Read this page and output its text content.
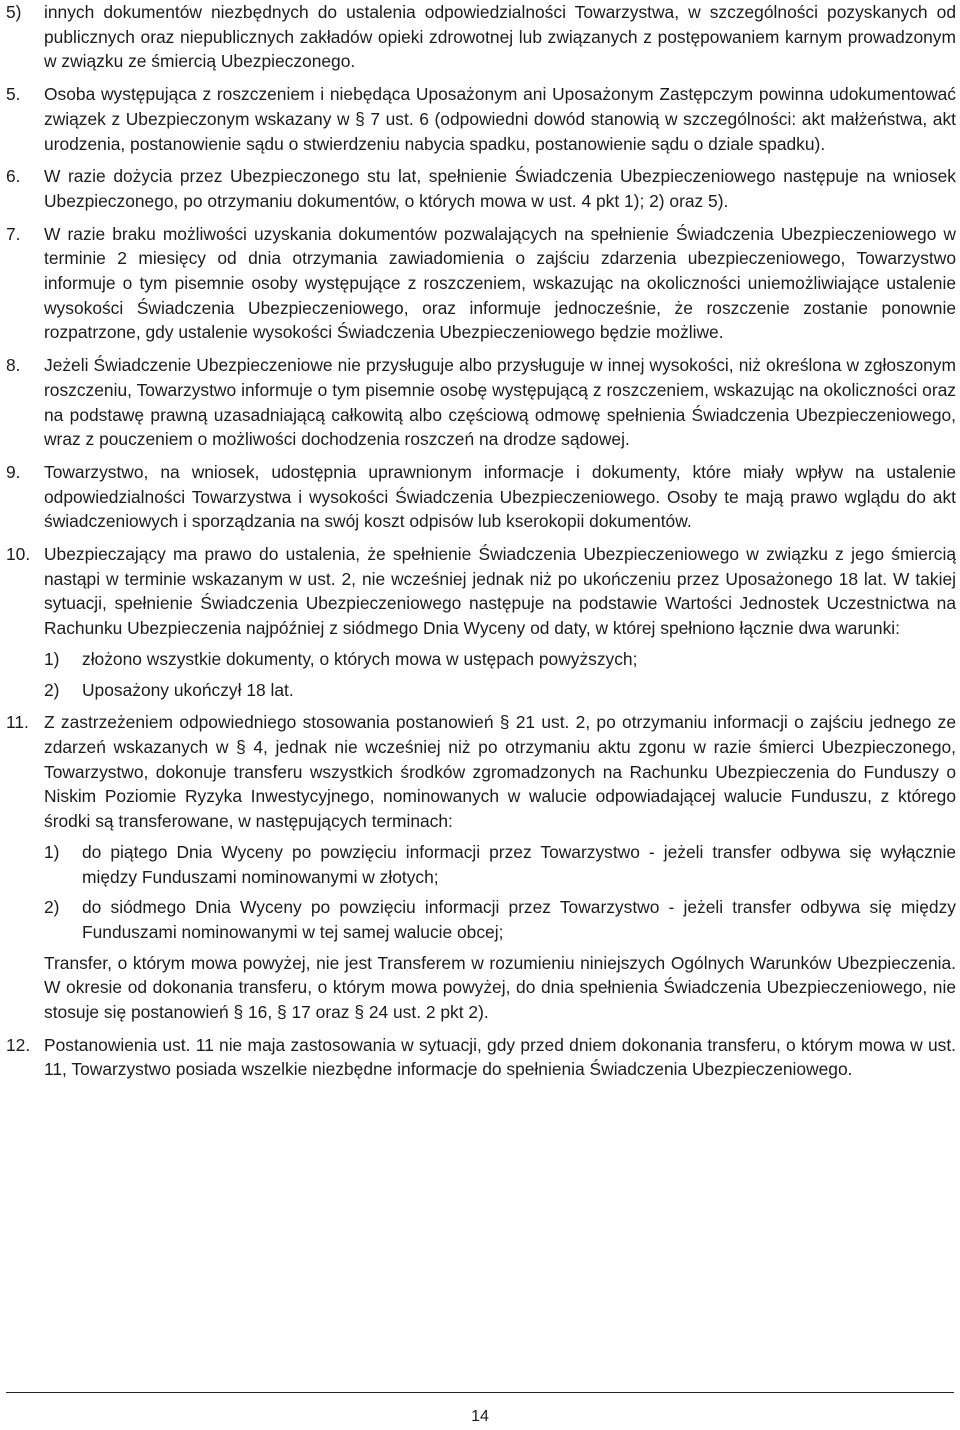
5)	innych dokumentów niezbędnych do ustalenia odpowiedzialności Towarzystwa, w szczególności pozyskanych od publicznych oraz niepublicznych zakładów opieki zdrowotnej lub związanych z postępowaniem karnym prowadzonym w związku ze śmiercią Ubezpieczonego.
5.	Osoba występująca z roszczeniem i niebędąca Uposażonym ani Uposażonym Zastępczym powinna udokumentować związek z Ubezpieczonym wskazany w § 7 ust. 6 (odpowiedni dowód stanowią w szczególności: akt małżeństwa, akt urodzenia, postanowienie sądu o stwierdzeniu nabycia spadku, postanowienie sądu o dziale spadku).
6.	W razie dożycia przez Ubezpieczonego stu lat, spełnienie Świadczenia Ubezpieczeniowego następuje na wniosek Ubezpieczonego, po otrzymaniu dokumentów, o których mowa w ust. 4 pkt 1); 2) oraz 5).
7.	W razie braku możliwości uzyskania dokumentów pozwalających na spełnienie Świadczenia Ubezpieczeniowego w terminie 2 miesięcy od dnia otrzymania zawiadomienia o zajściu zdarzenia ubezpieczeniowego, Towarzystwo informuje o tym pisemnie osoby występujące z roszczeniem, wskazując na okoliczności uniemożliwiające ustalenie wysokości Świadczenia Ubezpieczeniowego, oraz informuje jednocześnie, że roszczenie zostanie ponownie rozpatrzone, gdy ustalenie wysokości Świadczenia Ubezpieczeniowego będzie możliwe.
8.	Jeżeli Świadczenie Ubezpieczeniowe nie przysługuje albo przysługuje w innej wysokości, niż określona w zgłoszonym roszczeniu, Towarzystwo informuje o tym pisemnie osobę występującą z roszczeniem, wskazując na okoliczności oraz na podstawę prawną uzasadniającą całkowitą albo częściową odmowę spełnienia Świadczenia Ubezpieczeniowego, wraz z pouczeniem o możliwości dochodzenia roszczeń na drodze sądowej.
9.	Towarzystwo, na wniosek, udostępnia uprawnionym informacje i dokumenty, które miały wpływ na ustalenie odpowiedzialności Towarzystwa i wysokości Świadczenia Ubezpieczeniowego. Osoby te mają prawo wglądu do akt świadczeniowych i sporządzania na swój koszt odpisów lub kserokopii dokumentów.
10. Ubezpieczający ma prawo do ustalenia, że spełnienie Świadczenia Ubezpieczeniowego w związku z jego śmiercią nastąpi w terminie wskazanym w ust. 2, nie wcześniej jednak niż po ukończeniu przez Uposażonego 18 lat. W takiej sytuacji, spełnienie Świadczenia Ubezpieczeniowego następuje na podstawie Wartości Jednostek Uczestnictwa na Rachunku Ubezpieczenia najpóźniej z siódmego Dnia Wyceny od daty, w której spełniono łącznie dwa warunki:
1)	złożono wszystkie dokumenty, o których mowa w ustępach powyższych;
2)	Uposażony ukończył 18 lat.
11. Z zastrzeżeniem odpowiedniego stosowania postanowień § 21 ust. 2, po otrzymaniu informacji o zajściu jednego ze zdarzeń wskazanych w § 4, jednak nie wcześniej niż po otrzymaniu aktu zgonu w razie śmierci Ubezpieczonego, Towarzystwo, dokonuje transferu wszystkich środków zgromadzonych na Rachunku Ubezpieczenia do Funduszy o Niskim Poziomie Ryzyka Inwestycyjnego, nominowanych w walucie odpowiadającej walucie Funduszu, z którego środki są transferowane, w następujących terminach:
1)	do piątego Dnia Wyceny po powzięciu informacji przez Towarzystwo - jeżeli transfer odbywa się wyłącznie między Funduszami nominowanymi w złotych;
2)	do siódmego Dnia Wyceny po powzięciu informacji przez Towarzystwo - jeżeli transfer odbywa się między Funduszami nominowanymi w tej samej walucie obcej;
Transfer, o którym mowa powyżej, nie jest Transferem w rozumieniu niniejszych Ogólnych Warunków Ubezpieczenia. W okresie od dokonania transferu, o którym mowa powyżej, do dnia spełnienia Świadczenia Ubezpieczeniowego, nie stosuje się postanowień § 16, § 17 oraz § 24 ust. 2 pkt 2).
12. Postanowienia ust. 11 nie maja zastosowania w sytuacji, gdy przed dniem dokonania transferu, o którym mowa w ust. 11, Towarzystwo posiada wszelkie niezbędne informacje do spełnienia Świadczenia Ubezpieczeniowego.
14
